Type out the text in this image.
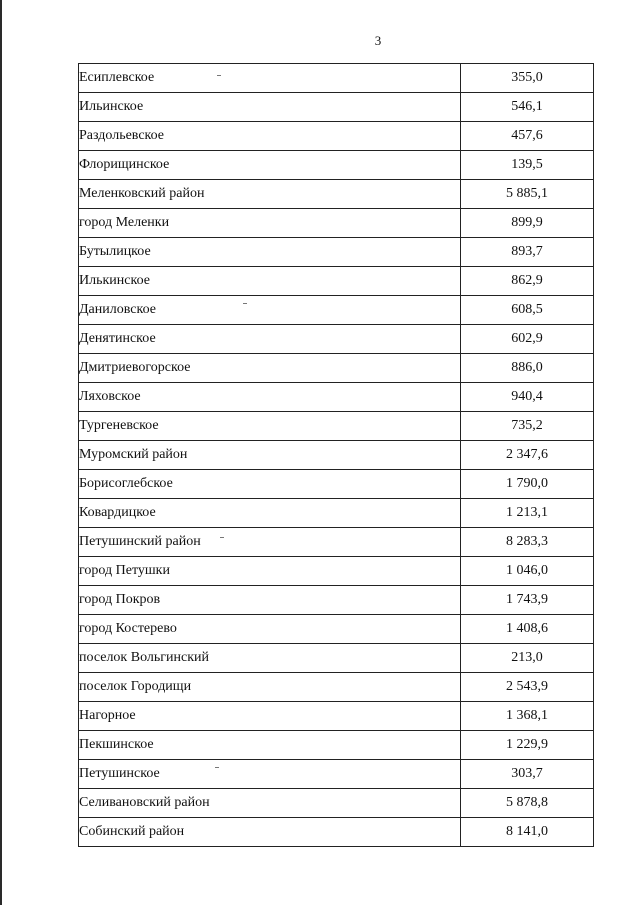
3
Есиплевское	355,0
Ильинское	546,1
Раздольевское	457,6
Флорищинское	139,5
Меленковский район	5 885,1
город Меленки	899,9
Бутылицкое	893,7
Илькинское	862,9
Даниловское	608,5
Денятинское	602,9
Дмитриевогорское	886,0
Ляховское	940,4
Тургеневское	735,2
Муромский район	2 347,6
Борисоглебское	1 790,0
Ковардицкое	1 213,1
Петушинский район	8 283,3
город Петушки	1 046,0
город Покров	1 743,9
город Костерево	1 408,6
поселок Вольгинский	213,0
поселок Городищи	2 543,9
Нагорное	1 368,1
Пекшинское	1 229,9
Петушинское	303,7
Селивановский район	5 878,8
Собинский район	8 141,0
